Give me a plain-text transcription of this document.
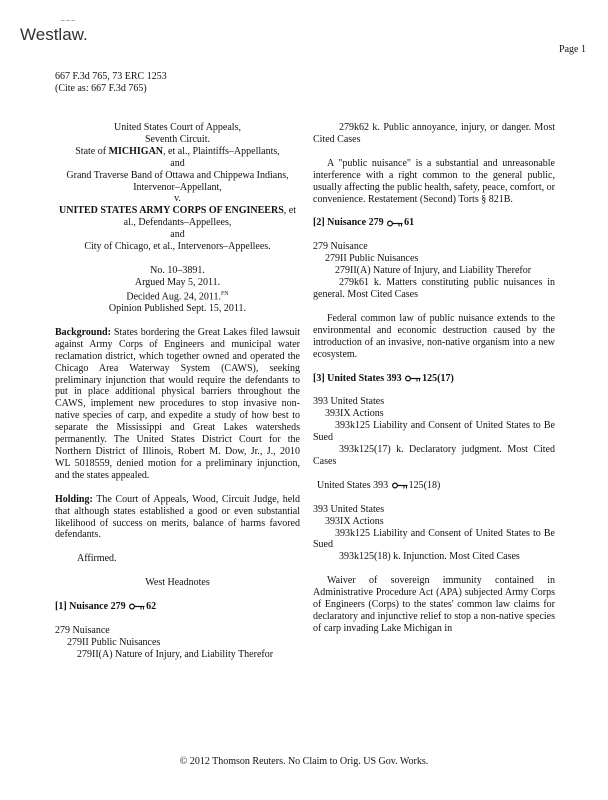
~~~
Westlaw.
Page 1
667 F.3d 765, 73 ERC 1253
(Cite as: 667 F.3d 765)
United States Court of Appeals,
Seventh Circuit.
State of MICHIGAN, et al., Plaintiffs–Appellants,
and
Grand Traverse Band of Ottawa and Chippewa Indians, Intervenor–Appellant,
v.
UNITED STATES ARMY CORPS OF ENGINEERS, et al., Defendants–Appellees,
and
City of Chicago, et al., Intervenors–Appellees.
No. 10–3891.
Argued May 5, 2011.
Decided Aug. 24, 2011.$^{FN}$
Opinion Published Sept. 15, 2011.
Background: States bordering the Great Lakes filed lawsuit against Army Corps of Engineers and municipal water reclamation district, which together owned and operated the Chicago Area Waterway System (CAWS), seeking preliminary injunction that would require the defendants to put in place additional physical barriers throughout the CAWS, implement new procedures to stop invasive non-native species of carp, and expedite a study of how best to separate the Mississippi and Great Lakes watersheds permanently. The United States District Court for the Northern District of Illinois, Robert M. Dow, Jr., J., 2010 WL 5018559, denied motion for a preliminary injunction, and the states appealed.
Holding: The Court of Appeals, Wood, Circuit Judge, held that although states established a good or even substantial likelihood of success on merits, balance of harms favored defendants.
Affirmed.
West Headnotes
[1] Nuisance 279 62
279 Nuisance
279II Public Nuisances
279II(A) Nature of Injury, and Liability Therefor
279k62 k. Public annoyance, injury, or danger. Most Cited Cases
A "public nuisance" is a substantial and unreasonable interference with a right common to the general public, usually affecting the public health, safety, peace, comfort, or convenience. Restatement (Second) Torts § 821B.
[2] Nuisance 279 61
279 Nuisance
279II Public Nuisances
279II(A) Nature of Injury, and Liability Therefor
279k61 k. Matters constituting public nuisances in general. Most Cited Cases
Federal common law of public nuisance extends to the environmental and economic destruction caused by the introduction of an invasive, non-native organism into a new ecosystem.
[3] United States 393 125(17)
393 United States
393IX Actions
393k125 Liability and Consent of United States to Be Sued
393k125(17) k. Declaratory judgment. Most Cited Cases
United States 393 125(18)
393 United States
393IX Actions
393k125 Liability and Consent of United States to Be Sued
393k125(18) k. Injunction. Most Cited Cases
Waiver of sovereign immunity contained in Administrative Procedure Act (APA) subjected Army Corps of Engineers (Corps) to the states' common law claims for declaratory and injunctive relief to stop a non-native species of carp invading Lake Michigan in
© 2012 Thomson Reuters. No Claim to Orig. US Gov. Works.
